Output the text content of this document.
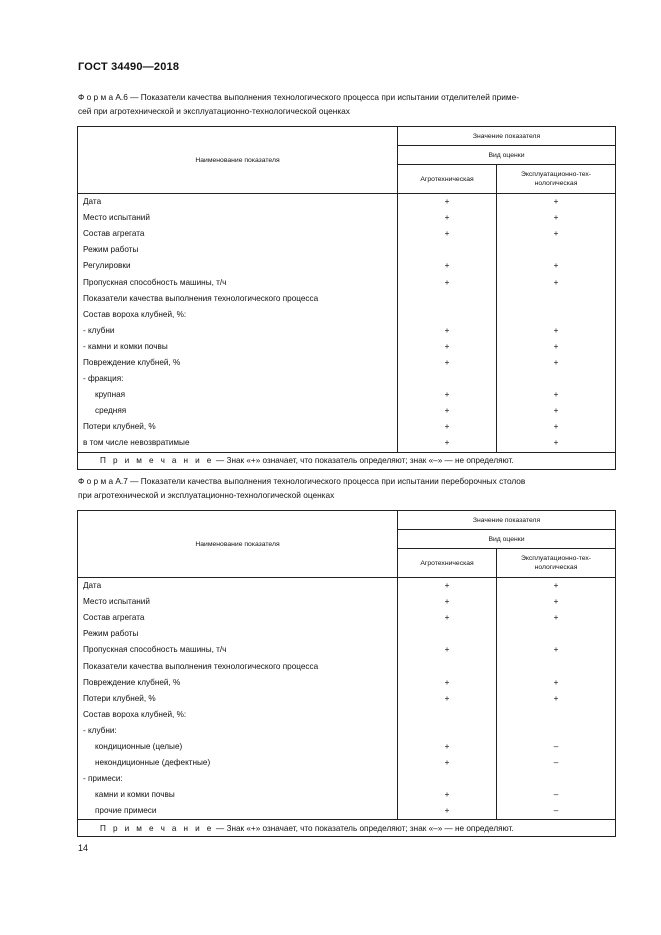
ГОСТ 34490—2018
Ф о р м а А.6 — Показатели качества выполнения технологического процесса при испытании отделителей приме-
сей при агротехнической и эксплуатационно-технологической оценках
Наименование показателя	Значение показателя	
	Вид оценки	
	Агротехническая	Эксплуатационно-тех-
нологическая
Дата	+	+
Место испытаний	+	+
Состав агрегата	+	+
Режим работы		
Регулировки	+	+
Пропускная способность машины, т/ч	+	+
Показатели качества выполнения технологического процесса		
Состав вороха клубней, %:		
- клубни	+	+
- камни и комки почвы	+	+
Повреждение клубней, %	+	+
- фракция:		
крупная	+	+
средняя	+	+
Потери клубней, %	+	+
в том числе невозвратимые	+	+
П р и м е ч а н и е — Знак «+» означает, что показатель определяют; знак «–» — не определяют.		
Ф о р м а А.7 — Показатели качества выполнения технологического процесса при испытании переборочных столов
при агротехнической и эксплуатационно-технологической оценках
Наименование показателя	Значение показателя	
	Вид оценки	
	Агротехническая	Эксплуатационно-тех-
нологическая
Дата	+	+
Место испытаний	+	+
Состав агрегата	+	+
Режим работы		
Пропускная способность машины, т/ч	+	+
Показатели качества выполнения технологического процесса		
Повреждение клубней, %	+	+
Потери клубней, %	+	+
Состав вороха клубней, %:		
- клубни:		
кондиционные (целые)	+	–
некондиционные (дефектные)	+	–
- примеси:		
камни и комки почвы	+	–
прочие примеси	+	–
П р и м е ч а н и е — Знак «+» означает, что показатель определяют; знак «–» — не определяют.		
14
